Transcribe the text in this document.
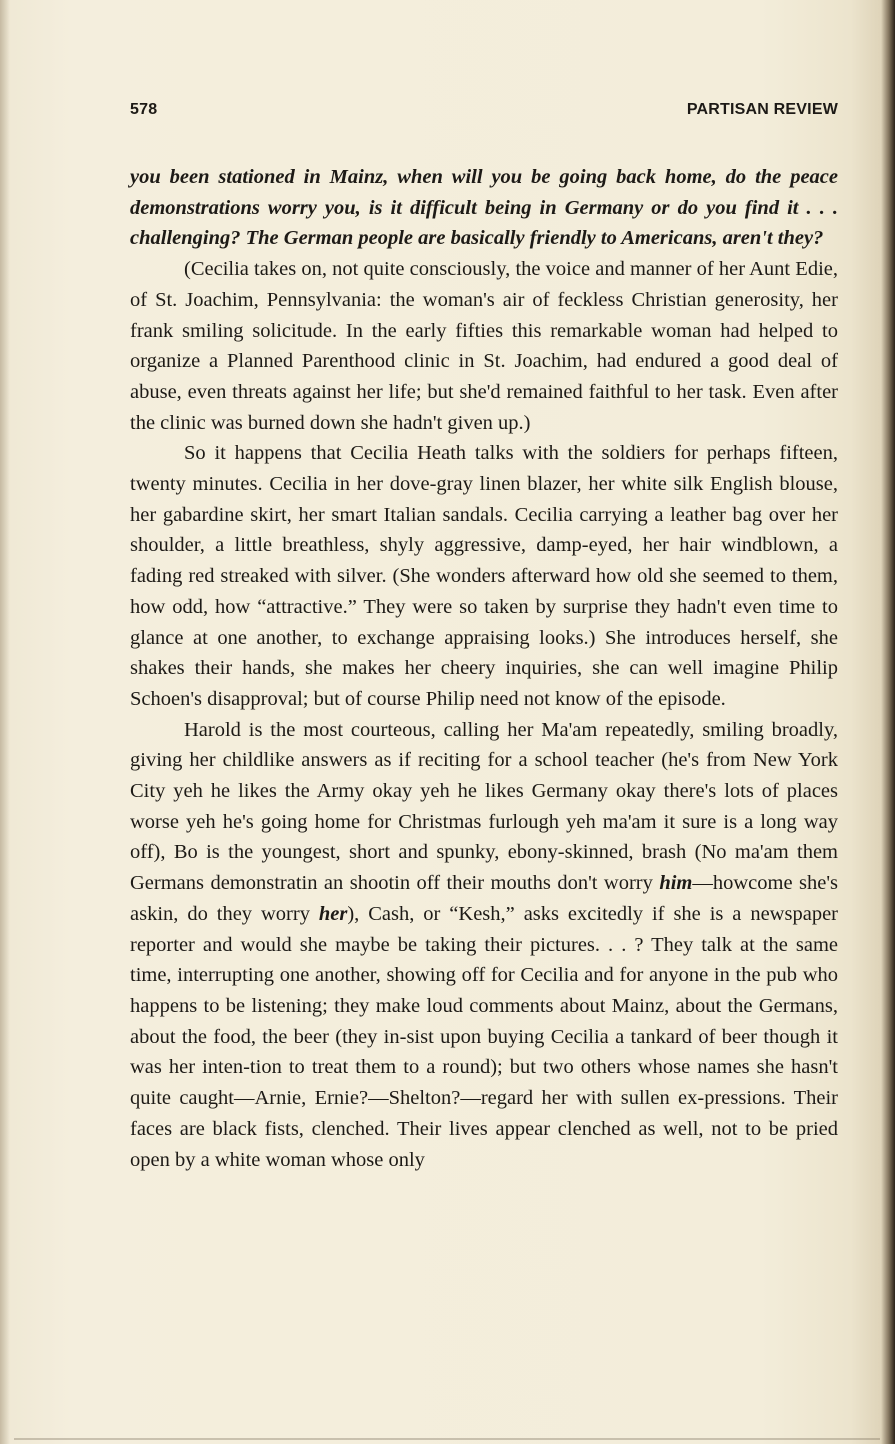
578	PARTISAN REVIEW

you been stationed in Mainz, when will you be going back home, do the peace demonstrations worry you, is it difficult being in Germany or do you find it . . . challenging? The German people are basically friendly to Americans, aren't they?

(Cecilia takes on, not quite consciously, the voice and manner of her Aunt Edie, of St. Joachim, Pennsylvania: the woman's air of feckless Christian generosity, her frank smiling solicitude. In the early fifties this remarkable woman had helped to organize a Planned Parenthood clinic in St. Joachim, had endured a good deal of abuse, even threats against her life; but she'd remained faithful to her task. Even after the clinic was burned down she hadn't given up.)

So it happens that Cecilia Heath talks with the soldiers for perhaps fifteen, twenty minutes. Cecilia in her dove-gray linen blazer, her white silk English blouse, her gabardine skirt, her smart Italian sandals. Cecilia carrying a leather bag over her shoulder, a little breathless, shyly aggressive, damp-eyed, her hair windblown, a fading red streaked with silver. (She wonders afterward how old she seemed to them, how odd, how “attractive.” They were so taken by surprise they hadn't even time to glance at one another, to exchange appraising looks.) She introduces herself, she shakes their hands, she makes her cheery inquiries, she can well imagine Philip Schoen's disapproval; but of course Philip need not know of the episode.

Harold is the most courteous, calling her Ma'am repeatedly, smiling broadly, giving her childlike answers as if reciting for a school teacher (he's from New York City yeh he likes the Army okay yeh he likes Germany okay there's lots of places worse yeh he's going home for Christmas furlough yeh ma'am it sure is a long way off), Bo is the youngest, short and spunky, ebony-skinned, brash (No ma'am them Germans demonstratin an shootin off their mouths don't worry him—howcome she's askin, do they worry her), Cash, or “Kesh,” asks excitedly if she is a newspaper reporter and would she maybe be taking their pictures. . . ? They talk at the same time, interrupting one another, showing off for Cecilia and for anyone in the pub who happens to be listening; they make loud comments about Mainz, about the Germans, about the food, the beer (they in-sist upon buying Cecilia a tankard of beer though it was her inten-tion to treat them to a round); but two others whose names she hasn't quite caught—Arnie, Ernie?—Shelton?—regard her with sullen ex-pressions. Their faces are black fists, clenched. Their lives appear clenched as well, not to be pried open by a white woman whose only
